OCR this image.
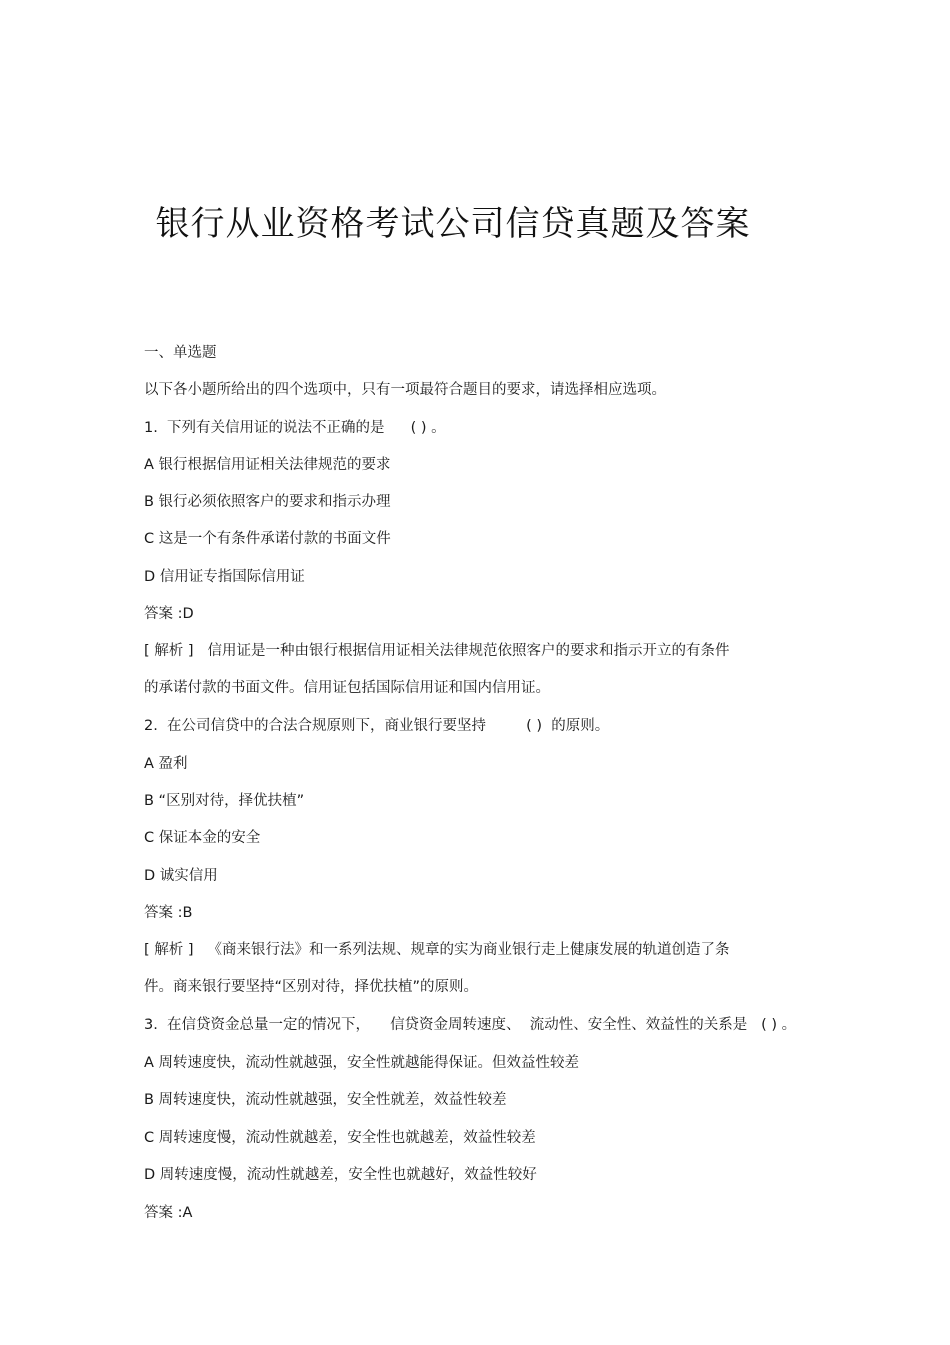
银行从业资格考试公司信贷真题及答案
一、单选题
以下各小题所给出的四个选项中，只有一项最符合题目的要求，请选择相应选项。
1.  下列有关信用证的说法不正确的是 ( ) 。
A 银行根据信用证相关法律规范的要求
B 银行必须依照客户的要求和指示办理
C 这是一个有条件承诺付款的书面文件
D 信用证专指国际信用证
答案 :D
[ 解析 ] 信用证是一种由银行根据信用证相关法律规范依照客户的要求和指示开立的有条件
的承诺付款的书面文件。信用证包括国际信用证和国内信用证。
2.  在公司信贷中的合法合规原则下，商业银行要坚持	( )  的原则。
A 盈利
B “区别对待，择优扶植”
C 保证本金的安全
D 诚实信用
答案 :B
[ 解析 ] 《商来银行法》和一系列法规、规章的实为商业银行走上健康发展的轨道创造了条
件。商来银行要坚持“区别对待，择优扶植”的原则。
3.  在信贷资金总量一定的情况下， 信贷资金周转速度、  流动性、安全性、效益性的关系是   ( ) 。
A 周转速度快，流动性就越强，安全性就越能得保证。但效益性较差
B 周转速度快，流动性就越强，安全性就差，效益性较差
C 周转速度慢，流动性就越差，安全性也就越差，效益性较差
D 周转速度慢，流动性就越差，安全性也就越好，效益性较好
答案 :A
